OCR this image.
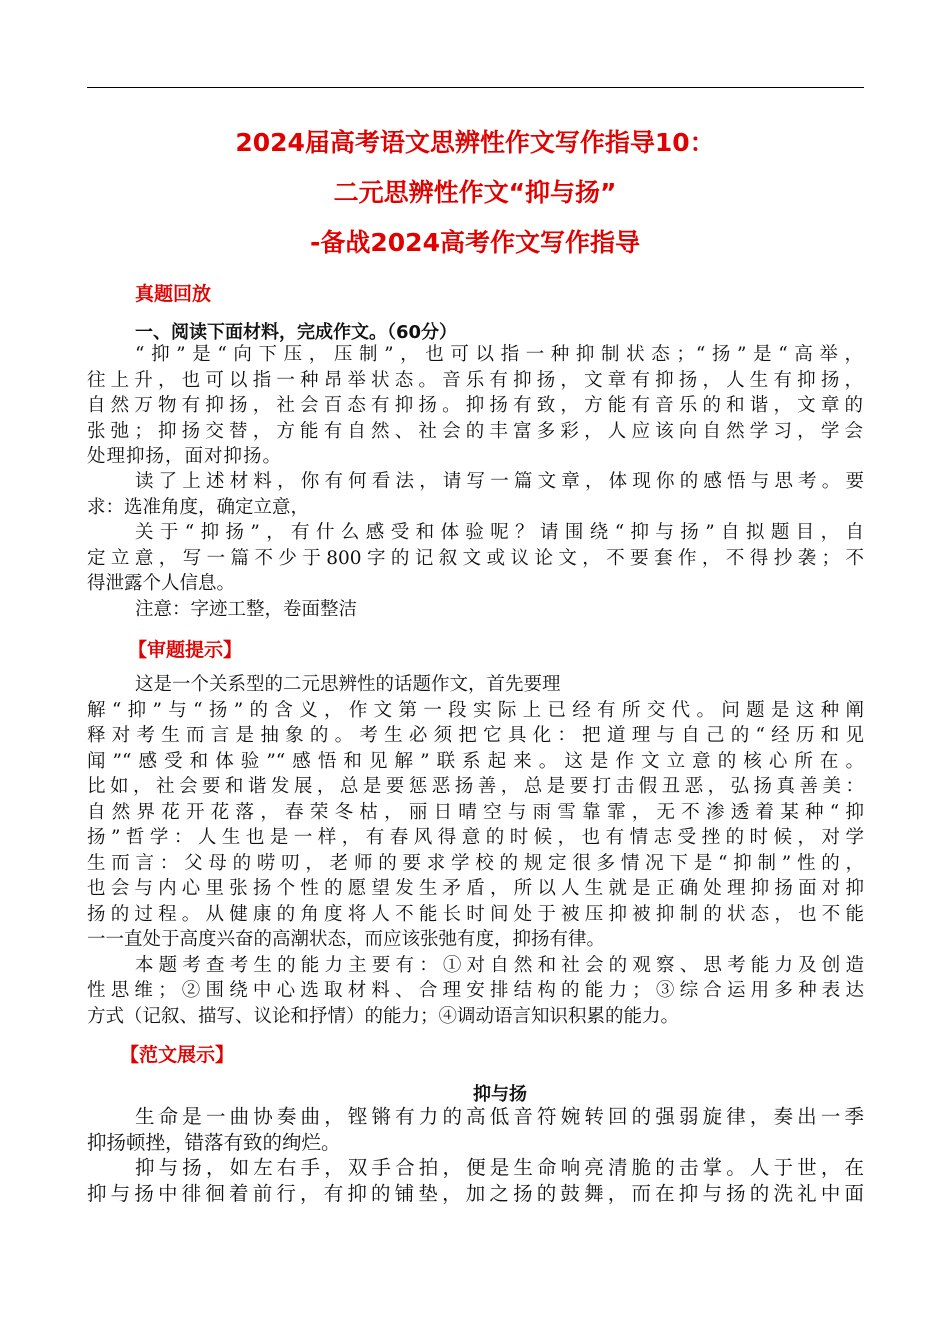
2024届高考语文思辨性作文写作指导10：
二元思辨性作文“抑与扬”
-备战2024高考作文写作指导
真题回放
一、阅读下面材料，完成作文。（60分）
“抑”是“向下压，压制”，也可以指一种抑制状态；“扬”是“高举，
往上升，也可以指一种昂举状态。音乐有抑扬，文章有抑扬，人生有抑扬，
自然万物有抑扬，社会百态有抑扬。抑扬有致，方能有音乐的和谐，文章的
张弛；抑扬交替，方能有自然、社会的丰富多彩，人应该向自然学习，学会
处理抑扬，面对抑扬。
读了上述材料，你有何看法，请写一篇文章，体现你的感悟与思考。要
求：选准角度，确定立意，
关于“抑扬”，有什么感受和体验呢？请围绕“抑与扬”自拟题目，自
定立意，写一篇不少于800字的记叙文或议论文，不要套作，不得抄袭；不
得泄露个人信息。
注意：字迹工整，卷面整洁
【审题提示】
这是一个关系型的二元思辨性的话题作文，首先要理
解“抑”与“扬”的含义，作文第一段实际上已经有所交代。问题是这种阐
释对考生而言是抽象的。考生必须把它具化：把道理与自己的“经历和见
闻”“感受和体验”“感悟和见解”联系起来。这是作文立意的核心所在。
比如，社会要和谐发展，总是要惩恶扬善，总是要打击假丑恶，弘扬真善美：
自然界花开花落，春荣冬枯，丽日晴空与雨雪靠霏，无不渗透着某种“抑
扬”哲学：人生也是一样，有春风得意的时候，也有情志受挫的时候，对学
生而言：父母的唠叨，老师的要求学校的规定很多情况下是“抑制”性的，
也会与内心里张扬个性的愿望发生矛盾，所以人生就是正确处理抑扬面对抑
扬的过程。从健康的角度将人不能长时间处于被压抑被抑制的状态，也不能
一一直处于高度兴奋的高潮状态，而应该张弛有度，抑扬有律。
本题考查考生的能力主要有：①对自然和社会的观察、思考能力及创造
性思维；②围绕中心选取材料、合理安排结构的能力；③综合运用多种表达
方式（记叙、描写、议论和抒情）的能力；④调动语言知识积累的能力。
【范文展示】
抑与扬
生命是一曲协奏曲，铿锵有力的高低音符婉转回的强弱旋律，奏出一季
抑扬顿挫，错落有致的绚烂。
抑与扬，如左右手，双手合拍，便是生命响亮清脆的击掌。人于世，在
抑与扬中徘徊着前行，有抑的铺垫，加之扬的鼓舞，而在抑与扬的洗礼中面
